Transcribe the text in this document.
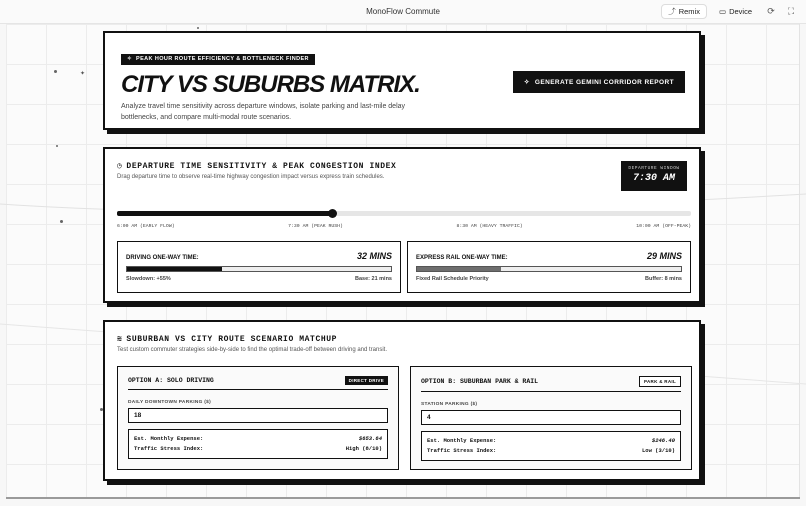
MonoFlow Commute	⤴ Remix	▭ Device	⟳	⛶
✦
✧ PEAK HOUR ROUTE EFFICIENCY & BOTTLENECK FINDER
CITY VS SUBURBS MATRIX.
Analyze travel time sensitivity across departure windows, isolate parking and last-mile delay bottlenecks, and compare multi-modal route scenarios.
✧ GENERATE GEMINI CORRIDOR REPORT
◷ DEPARTURE TIME SENSITIVITY & PEAK CONGESTION INDEX
Drag departure time to observe real-time highway congestion impact versus express train schedules.
DEPARTURE WINDOW
7:30 AM
6:00 AM (EARLY FLOW)	7:30 AM (PEAK RUSH)	8:30 AM (HEAVY TRAFFIC)	10:00 AM (OFF-PEAK)
DRIVING ONE-WAY TIME:	32 MINS
Slowdown: +55%	Base: 21 mins
EXPRESS RAIL ONE-WAY TIME:	29 MINS
Fixed Rail Schedule Priority	Buffer: 8 mins
≋ SUBURBAN VS CITY ROUTE SCENARIO MATCHUP
Test custom commuter strategies side-by-side to find the optimal trade-off between driving and transit.
OPTION A: SOLO DRIVING	DIRECT DRIVE
DAILY DOWNTOWN PARKING ($)
18
Est. Monthly Expense:	$653.64
Traffic Stress Index:	High (8/10)
OPTION B: SUBURBAN PARK & RAIL	PARK & RAIL
STATION PARKING ($)
4
Est. Monthly Expense:	$246.40
Traffic Stress Index:	Low (3/10)
